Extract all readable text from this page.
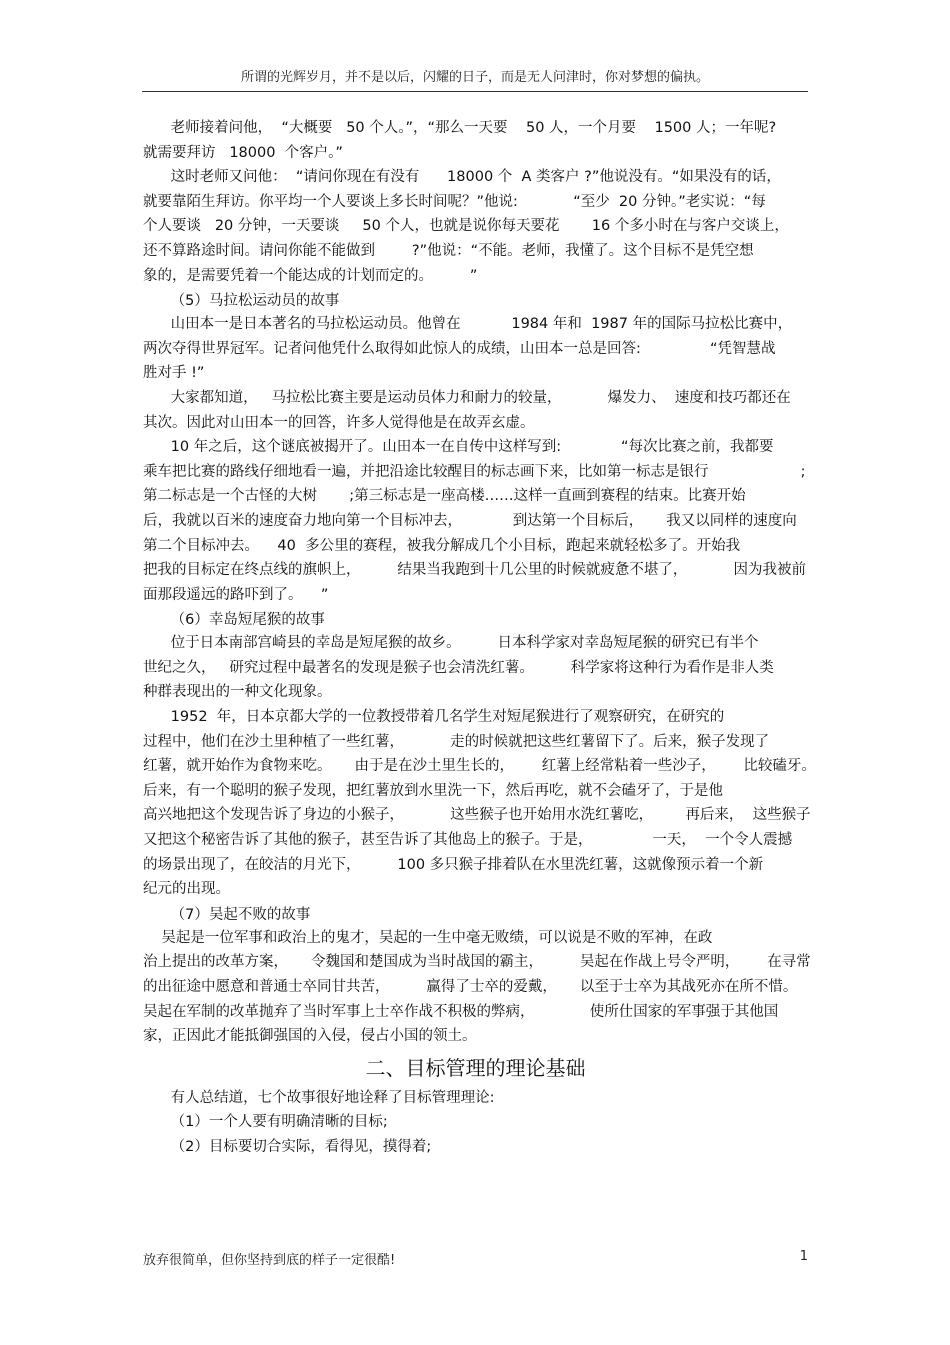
所谓的光辉岁月，并不是以后，闪耀的日子，而是无人问津时，你对梦想的偏执。
老师接着问他，  “大概要   50 个人。”，“那么一天要    50 人，一个月要    1500 人；一年呢?
就需要拜访   18000  个客户。”
这时老师又问他：  “请问你现在有没有      18000 个  A 类客户 ?”他说没有。“如果没有的话，
就要靠陌生拜访。你平均一个人要谈上多长时间呢？”他说:            “至少  20 分钟。”老实说：“每
个人要谈   20 分钟，一天要谈     50 个人，也就是说你每天要花       16 个多小时在与客户交谈上，
还不算路途时间。请问你能不能做到        ?”他说：“不能。老师，我懂了。这个目标不是凭空想
象的，是需要凭着一个能达成的计划而定的。        ”
（5）马拉松运动员的故事
山田本一是日本著名的马拉松运动员。他曾在           1984 年和  1987 年的国际马拉松比赛中，
两次夺得世界冠军。记者问他凭什么取得如此惊人的成绩，山田本一总是回答:               “凭智慧战
胜对手 !”
大家都知道，   马拉松比赛主要是运动员体力和耐力的较量，          爆发力、  速度和技巧都还在
其次。因此对山田本一的回答，许多人觉得他是在故弄玄虚。
10 年之后，这个谜底被揭开了。山田本一在自传中这样写到:             “每次比赛之前，我都要
乘车把比赛的路线仔细地看一遍，并把沿途比较醒目的标志画下来，比如第一标志是银行                    ;
第二标志是一个古怪的大树       ;第三标志是一座高楼……这样一直画到赛程的结束。比赛开始
后，我就以百米的速度奋力地向第一个目标冲去，           到达第一个目标后，     我又以同样的速度向
第二个目标冲去。    40  多公里的赛程，被我分解成几个小目标，跑起来就轻松多了。开始我
把我的目标定在终点线的旗帜上，        结果当我跑到十几公里的时候就疲惫不堪了，          因为我被前
面那段遥远的路吓到了。    ”
（6）幸岛短尾猴的故事
位于日本南部宫崎县的幸岛是短尾猴的故乡。        日本科学家对幸岛短尾猴的研究已有半个
世纪之久，   研究过程中最著名的发现是猴子也会清洗红薯。        科学家将这种行为看作是非人类
种群表现出的一种文化现象。
1952  年，日本京都大学的一位教授带着几名学生对短尾猴进行了观察研究，在研究的
过程中，他们在沙土里种植了一些红薯，          走的时候就把这些红薯留下了。后来，猴子发现了
红薯，就开始作为食物来吃。     由于是在沙土里生长的，      红薯上经常粘着一些沙子，      比较磕牙。
后来，有一个聪明的猴子发现，把红薯放到水里洗一下，然后再吃，就不会磕牙了，于是他
高兴地把这个发现告诉了身边的小猴子，          这些猴子也开始用水洗红薯吃，       再后来，  这些猴子
又把这个秘密告诉了其他的猴子，甚至告诉了其他岛上的猴子。于是，             一天，  一个令人震撼
的场景出现了，在皎洁的月光下，        100 多只猴子排着队在水里洗红薯，这就像预示着一个新
纪元的出现。
（7）吴起不败的故事
吴起是一位军事和政治上的鬼才，吴起的一生中毫无败绩，可以说是不败的军神，在政
治上提出的改革方案，     令魏国和楚国成为当时战国的霸主，        吴起在作战上号令严明，      在寻常
的出征途中愿意和普通士卒同甘共苦，        赢得了士卒的爱戴，     以至于士卒为其战死亦在所不惜。
吴起在军制的改革抛弃了当时军事上士卒作战不积极的弊病，            使所仕国家的军事强于其他国
家，正因此才能抵御强国的入侵，侵占小国的领土。
二、目标管理的理论基础
有人总结道，七个故事很好地诠释了目标管理理论:
（1）一个人要有明确清晰的目标;
（2）目标要切合实际，看得见，摸得着;
放弃很简单，但你坚持到底的样子一定很酷!	1
